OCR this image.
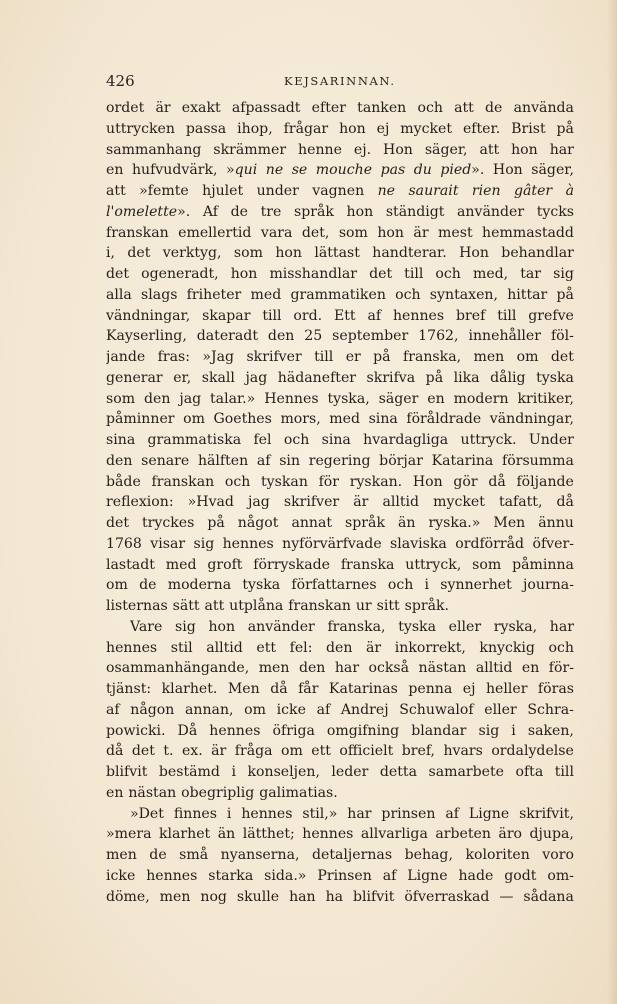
426	KEJSARINNAN.
ordet är exakt afpassadt efter tanken och att de använda
uttrycken passa ihop, frågar hon ej mycket efter. Brist på
sammanhang skrämmer henne ej. Hon säger, att hon har
en hufvudvärk, »qui ne se mouche pas du pied». Hon säger,
att »femte hjulet under vagnen ne saurait rien gâter à
l'omelette». Af de tre språk hon ständigt använder tycks
franskan emellertid vara det, som hon är mest hemmastadd
i, det verktyg, som hon lättast handterar. Hon behandlar
det ogeneradt, hon misshandlar det till och med, tar sig
alla slags friheter med grammatiken och syntaxen, hittar på
vändningar, skapar till ord. Ett af hennes bref till grefve
Kayserling, dateradt den 25 september 1762, innehåller föl-
jande fras: »Jag skrifver till er på franska, men om det
generar er, skall jag hädanefter skrifva på lika dålig tyska
som den jag talar.» Hennes tyska, säger en modern kritiker,
påminner om Goethes mors, med sina föråldrade vändningar,
sina grammatiska fel och sina hvardagliga uttryck. Under
den senare hälften af sin regering börjar Katarina försumma
både franskan och tyskan för ryskan. Hon gör då följande
reflexion: »Hvad jag skrifver är alltid mycket tafatt, då
det tryckes på något annat språk än ryska.» Men ännu
1768 visar sig hennes nyförvärfvade slaviska ordförråd öfver-
lastadt med groft förryskade franska uttryck, som påminna
om de moderna tyska författarnes och i synnerhet journa-
listernas sätt att utplåna franskan ur sitt språk.
Vare sig hon använder franska, tyska eller ryska, har
hennes stil alltid ett fel: den är inkorrekt, knyckig och
osammanhängande, men den har också nästan alltid en för-
tjänst: klarhet. Men då får Katarinas penna ej heller föras
af någon annan, om icke af Andrej Schuwalof eller Schra-
powicki. Då hennes öfriga omgifning blandar sig i saken,
då det t. ex. är fråga om ett officielt bref, hvars ordalydelse
blifvit bestämd i konseljen, leder detta samarbete ofta till
en nästan obegriplig galimatias.
»Det finnes i hennes stil,» har prinsen af Ligne skrifvit,
»mera klarhet än lätthet; hennes allvarliga arbeten äro djupa,
men de små nyanserna, detaljernas behag, koloriten voro
icke hennes starka sida.» Prinsen af Ligne hade godt om-
döme, men nog skulle han ha blifvit öfverraskad — sådana
